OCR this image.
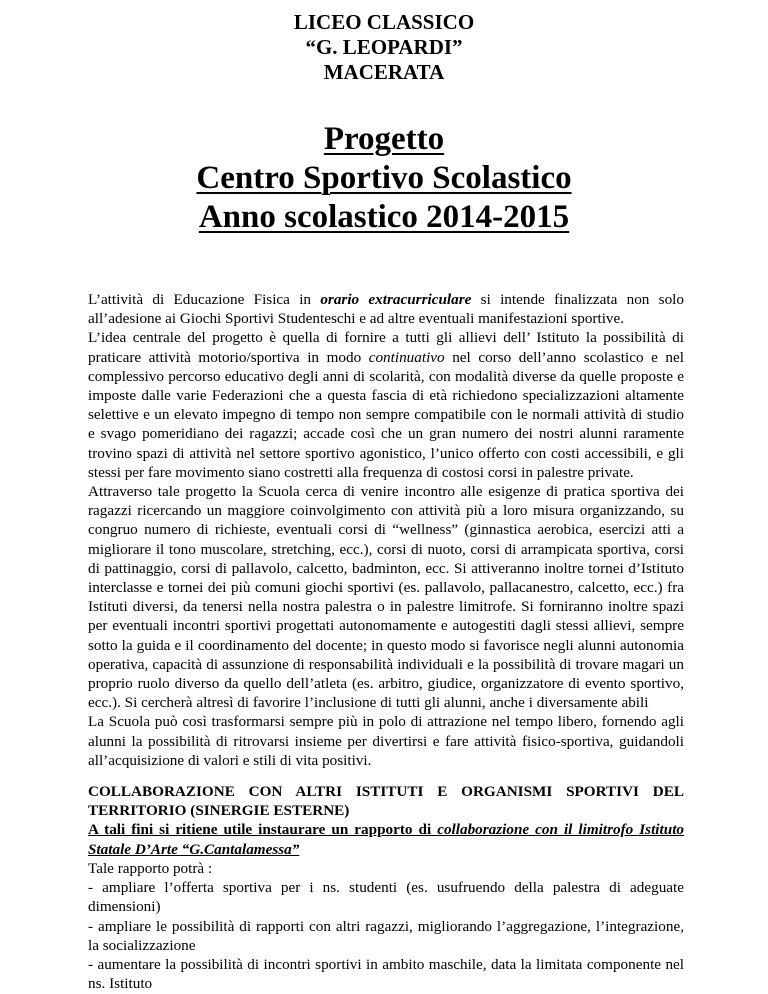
LICEO CLASSICO
“G. LEOPARDI”
MACERATA
Progetto
Centro Sportivo Scolastico
Anno scolastico 2014-2015

L’attività di Educazione Fisica in orario extracurriculare si intende finalizzata non solo all’adesione ai Giochi Sportivi Studenteschi e ad altre eventuali manifestazioni sportive.

L’idea centrale del progetto è quella di fornire a tutti gli allievi dell’ Istituto la possibilità di praticare attività motorio/sportiva in modo continuativo nel corso dell’anno scolastico e nel complessivo percorso educativo degli anni di scolarità, con modalità diverse da quelle proposte e imposte dalle varie Federazioni che a questa fascia di età richiedono specializzazioni altamente selettive e un elevato impegno di tempo non sempre compatibile con le normali attività di studio e svago pomeridiano dei ragazzi; accade così che un gran numero dei nostri alunni raramente trovino spazi di attività nel settore sportivo agonistico, l’unico offerto con costi accessibili, e gli stessi per fare movimento siano costretti alla frequenza di costosi corsi in palestre private.

Attraverso tale progetto la Scuola cerca di venire incontro alle esigenze di pratica sportiva dei ragazzi ricercando un maggiore coinvolgimento con attività più a loro misura organizzando, su congruo numero di richieste, eventuali corsi di “wellness” (ginnastica aerobica, esercizi atti a migliorare il tono muscolare, stretching, ecc.), corsi di nuoto, corsi di arrampicata sportiva, corsi di pattinaggio, corsi di pallavolo, calcetto, badminton, ecc. Si attiveranno inoltre tornei d’Istituto interclasse e tornei dei più comuni giochi sportivi (es. pallavolo, pallacanestro, calcetto, ecc.) fra Istituti diversi, da tenersi nella nostra palestra o in palestre limitrofe. Si forniranno inoltre spazi per eventuali incontri sportivi progettati autonomamente e autogestiti dagli stessi allievi, sempre sotto la guida e il coordinamento del docente; in questo modo si favorisce negli alunni autonomia operativa, capacità di assunzione di responsabilità individuali e la possibilità di trovare magari un proprio ruolo diverso da quello dell’atleta (es. arbitro, giudice, organizzatore di evento sportivo, ecc.). Si cercherà altresì di favorire l’inclusione di tutti gli alunni, anche i diversamente abili

La Scuola può così trasformarsi sempre più in polo di attrazione nel tempo libero, fornendo agli alunni la possibilità di ritrovarsi insieme per divertirsi e fare attività fisico-sportiva, guidandoli all’acquisizione di valori e stili di vita positivi.

COLLABORAZIONE CON ALTRI ISTITUTI E ORGANISMI SPORTIVI DEL TERRITORIO (SINERGIE ESTERNE)

A tali fini si ritiene utile instaurare un rapporto di collaborazione con il limitrofo Istituto Statale D’Arte “G.Cantalamessa”

Tale rapporto potrà :

- ampliare l’offerta sportiva per i ns. studenti (es. usufruendo della palestra di adeguate dimensioni)

- ampliare le possibilità di rapporti con altri ragazzi, migliorando l’aggregazione, l’integrazione, la socializzazione

- aumentare la possibilità di incontri sportivi in ambito maschile, data la limitata componente nel ns. Istituto
